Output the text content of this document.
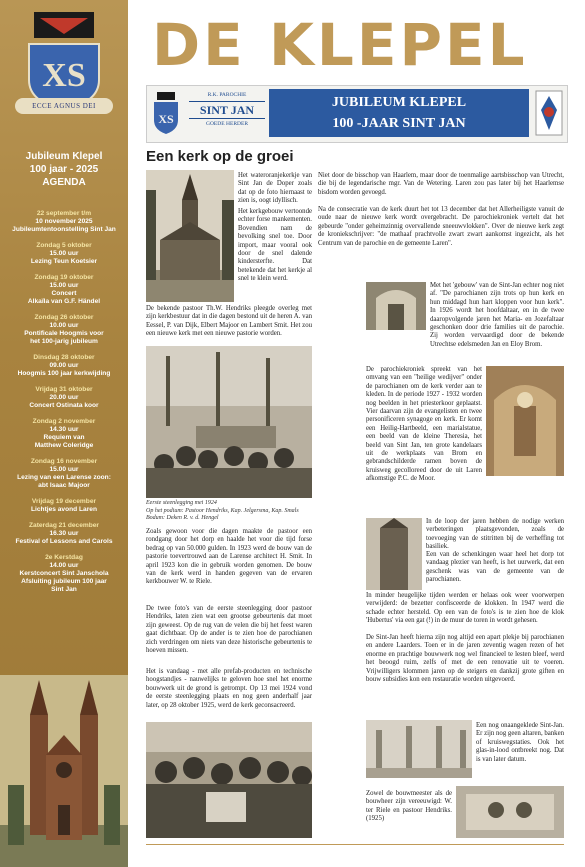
XS
ECCE AGNUS DEI
Jubileum Klepel
100 jaar - 2025
AGENDA
22 september t/m
10 november 2025
Jubileumtentoonstelling Sint Jan
Zondag 5 oktober
15.00 uur
Lezing Teun Koetsier
Zondag 19 oktober
15.00 uur
Concert
Alkaïla van G.F. Händel
Zondag 26 oktober
10.00 uur
Pontificale Hoogmis voor
het 100-jarig jubileum
Dinsdag 28 oktober
09.00 uur
Hoogmis 100 jaar kerkwijding
Vrijdag 31 oktober
20.00 uur
Concert Ostinata koor
Zondag 2 november
14.30 uur
Requiem van
Matthew Coleridge
Zondag 16 november
15.00 uur
Lezing van een Larense zoon:
abt Isaac Majoor
Vrijdag 19 december
Lichtjes avond Laren
Zaterdag 21 december
16.30 uur
Festival of Lessons and Carols
2e Kerstdag
14.00 uur
Kerstconcert Sint Janschola
Afsluiting jubileum 100 jaar
Sint Jan
DE KLEPEL
XS
R.K. PAROCHIE
SINT JAN
GOEDE HERDER
JUBILEUM KLEPEL
100 -JAAR SINT JAN
Een kerk op de groei

Het wateroranjekerkje van Sint Jan de Doper zoals dat op de foto hiernaast te zien is, oogt idyllisch.

Het kerkgebouw vertoonde echter forse mankementen. Bovendien nam de bevolking snel toe. Door import, maar vooral ook door de snel dalende kindersterfte. Dat betekende dat het kerkje al snel te klein werd.

De bekende pastoor Th.W. Hendriks pleegde overleg met zijn kerkbestuur dat in die dagen bestond uit de heren A. van Eessel, P. van Dijk, Elbert Majoor en Lambert Smit. Het zou een nieuwe kerk met een nieuwe pastorie worden.

Eerste steenlegging mei 1924
Op het podium: Pastoor Hendriks, Kap. Jelgersma, Kap. Smals
Bodum: Deken R. v. d. Hengel

Zoals gewoon voor die dagen maakte de pastoor een rondgang door het dorp en haalde het voor die tijd forse bedrag op van 50.000 gulden. In 1923 werd de bouw van de pastorie toevertrouwd aan de Larense architect H. Smit. In april 1923 kon die in gebruik worden genomen. De bouw van de kerk werd in handen gegeven van de ervaren kerkbouwer W. te Riele.

De twee foto's van de eerste steenlegging door pastoor Hendriks, laten zien wat een grootse gebeurtenis dat moet zijn geweest. Op de rug van de velen die bij het feest waren gaat dichtbaar. Op de ander is te zien hoe de parochianen zich verdringen om niets van deze historische gebeurtenis te hoeven missen.

Het is vandaag - met alle prefab-producten en technische hoogstandjes - nauwelijks te geloven hoe snel het enorme bouwwerk uit de grond is getrompt. Op 13 mei 1924 vond de eerste steenlegging plaats en nog geen anderhalf jaar later, op 28 oktober 1925, werd de kerk geconsacreerd.

Niet door de bisschop van Haarlem, maar door de toenmalige aartsbisschop van Utrecht, die bij de legendarische mgr. Van de Wetering. Laren zou pas later bij het Haarlemse bisdom worden gevoegd.

Na de consecratie van de kerk duurt het tot 13 december dat het Allerheiligste vanuit de oude naar de nieuwe kerk wordt overgebracht. De parochiekroniek vertelt dat het gebeurde "onder geheimzinnig overvallende sneeuwvlokken". Over de nieuwe kerk zegt de kroniekschrijver: "de mathaaf prachtvolle zwart zwart aankomst ingezicht, als het Centrum van de parochie en de gemeente Laren".

Met het 'gebouw' van de Sint-Jan echter nog niet af. "De parochianen zijn trots op hun kerk en hun middagd hun hart kloppen voor hun kerk". In 1926 wordt het hoofdaltaar, en in de twee daaropvolgende jaren het Maria- en Jozefaltaar geschonken door drie families uit de parochie. Zij worden vervaardigd door de bekende Utrechtse edelsmeden Jan en Eloy Brom.

De parochiekroniek spreekt van het omvang van een "heilige wedijver" onder de parochianen om de kerk verder aan te kleden. In de periode 1927 - 1932 worden nog beelden in het priesterkoor geplaatst. Vier daarvan zijn de evangelisten en twee personificeren synagoge en kerk. Er komt een Heilig-Hartbeeld, een marialstatue, een beeld van de kleine Theresia, het beeld van Sint Jan, ten grote kandelaars uit de werkplaats van Brom en gebrandschilderde ramen boven de kruisweg gecolloreed door de uit Laren afkomstige P.C. de Moor.

In de loop der jaren hebben de nodige werken verbeteringen plaatsgevonden, zoals de toevoeging van de stitritten bij de verheffing tot basiliek.

Een van de schenkingen waar heel het dorp tot vandaag plezier van heeft, is het uurwerk, dat een geschenk was van de gemeente van de parochianen.

In minder heugelijke tijden werden er helaas ook weer voorwerpen verwijderd: de bezetter confisceerde de klokken. In 1947 werd die schade echter hersteld. Op een van de foto's is te zien hoe de klok 'Hubertus' via een gat (!) in de muur de toren in wordt gehesen.

De Sint-Jan heeft hierna zijn nog altijd een apart plekje bij parochianen en andere Laarders. Toen er in de jaren zeventig wagen rezen of het enorme en prachtige bouwwerk nog wel financieel te lesten bleef, werd het beoogd ruim, zelfs of met de een renovatie uit te voeren. Vrijwilligers klommen jaren op de steigers en dankzij grote giften en bouw subsidies kon een restauratie worden uitgevoerd.

Een nog onaangeklede Sint-Jan. Er zijn nog geen altaren, banken of kruiswegstaties. Ook het glas-in-lood ontbreekt nog. Dat is van later datum.

Zowel de bouwmeester als de bouwheer zijn vereeuwigd: W. ter Riele en pastoor Hendriks. (1925)
